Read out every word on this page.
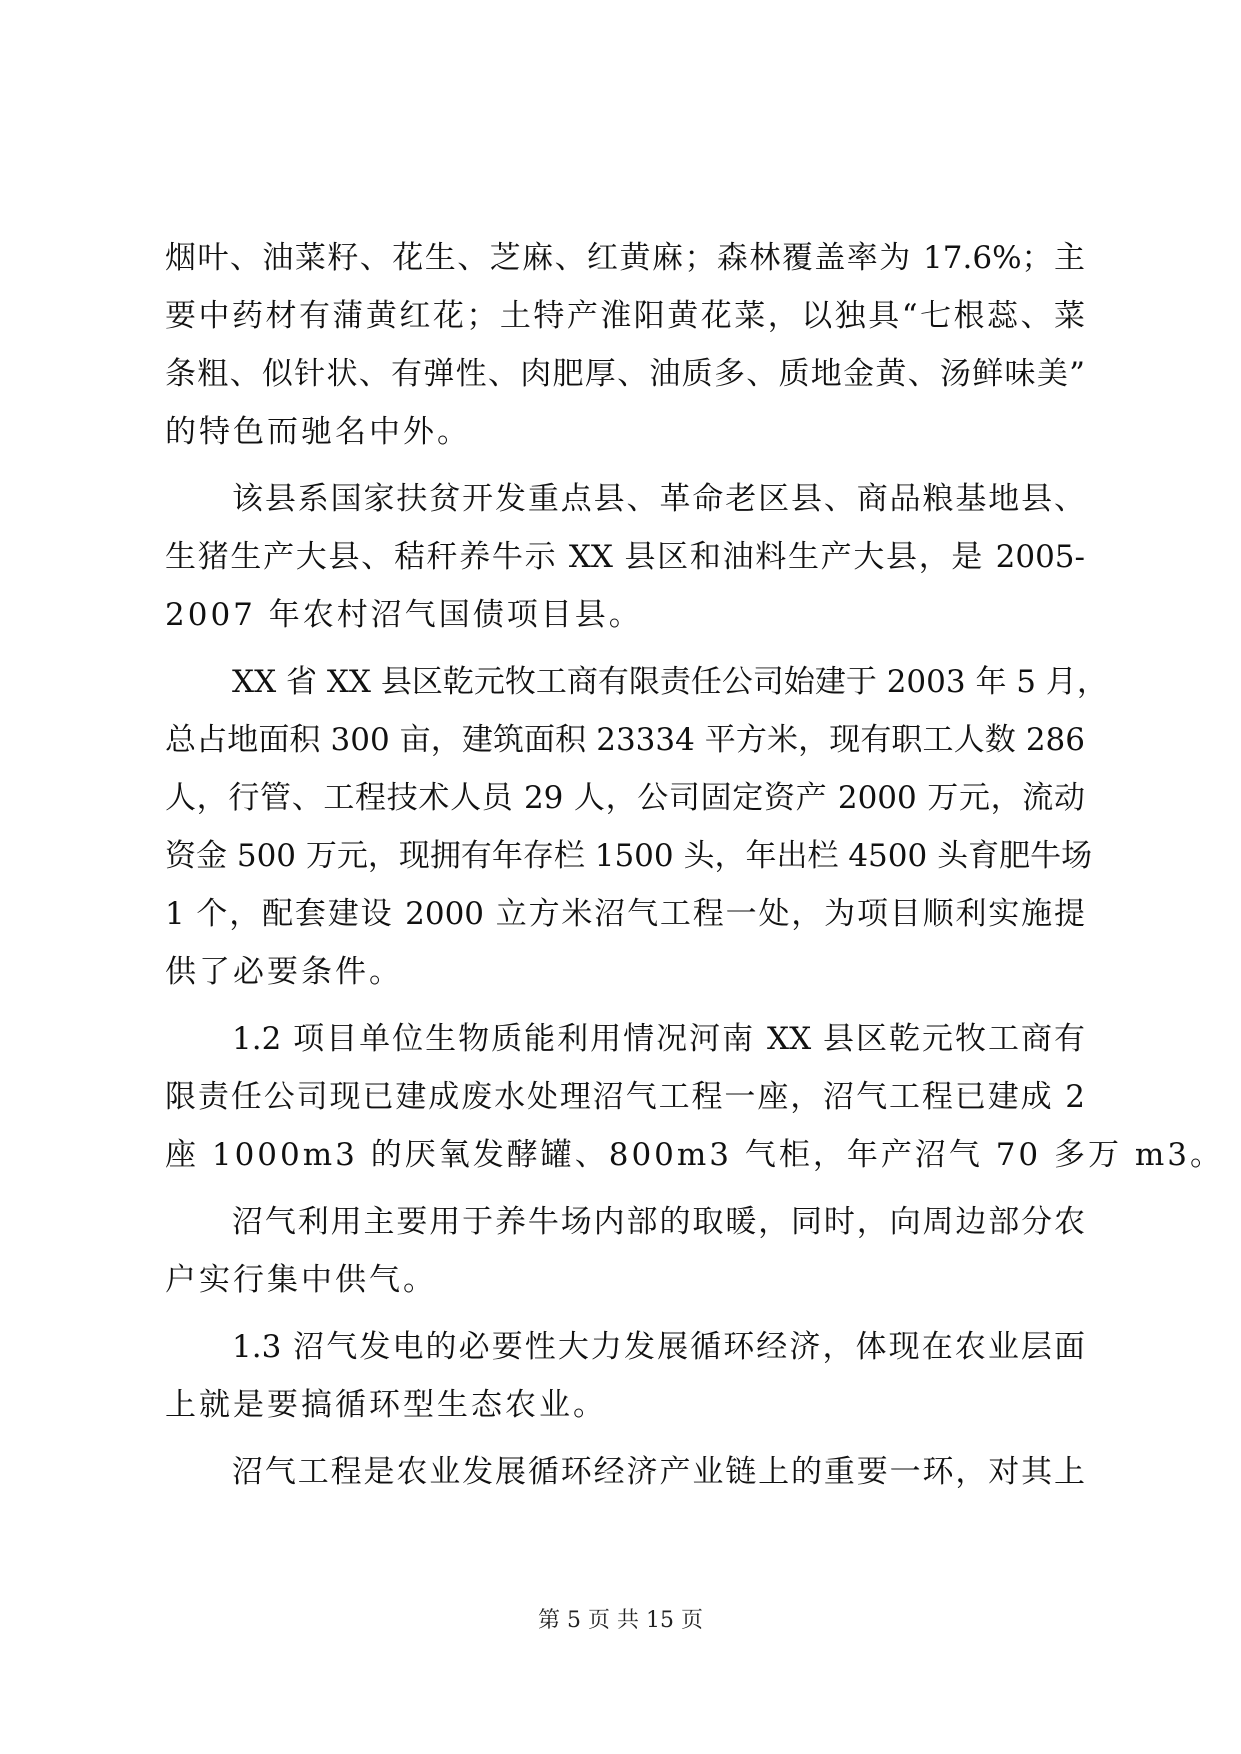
烟叶、油菜籽、花生、芝麻、红黄麻；森林覆盖率为 17.6%；主
要中药材有蒲黄红花；土特产淮阳黄花菜，以独具“七根蕊、菜
条粗、似针状、有弹性、肉肥厚、油质多、质地金黄、汤鲜味美”
的特色而驰名中外。
该县系国家扶贫开发重点县、革命老区县、商品粮基地县、
生猪生产大县、秸秆养牛示 XX 县区和油料生产大县，是 2005-
2007 年农村沼气国债项目县。
XX 省 XX 县区乾元牧工商有限责任公司始建于 2003 年 5 月，
总占地面积 300 亩，建筑面积 23334 平方米，现有职工人数 286
人，行管、工程技术人员 29 人，公司固定资产 2000 万元，流动
资金 500 万元，现拥有年存栏 1500 头，年出栏 4500 头育肥牛场
1 个，配套建设 2000 立方米沼气工程一处，为项目顺利实施提
供了必要条件。
1.2 项目单位生物质能利用情况河南 XX 县区乾元牧工商有
限责任公司现已建成废水处理沼气工程一座，沼气工程已建成 2
座 1000m3 的厌氧发酵罐、800m3 气柜，年产沼气 70 多万 m3。
沼气利用主要用于养牛场内部的取暖，同时，向周边部分农
户实行集中供气。
1.3 沼气发电的必要性大力发展循环经济，体现在农业层面
上就是要搞循环型生态农业。
沼气工程是农业发展循环经济产业链上的重要一环，对其上
第 5 页 共 15 页
